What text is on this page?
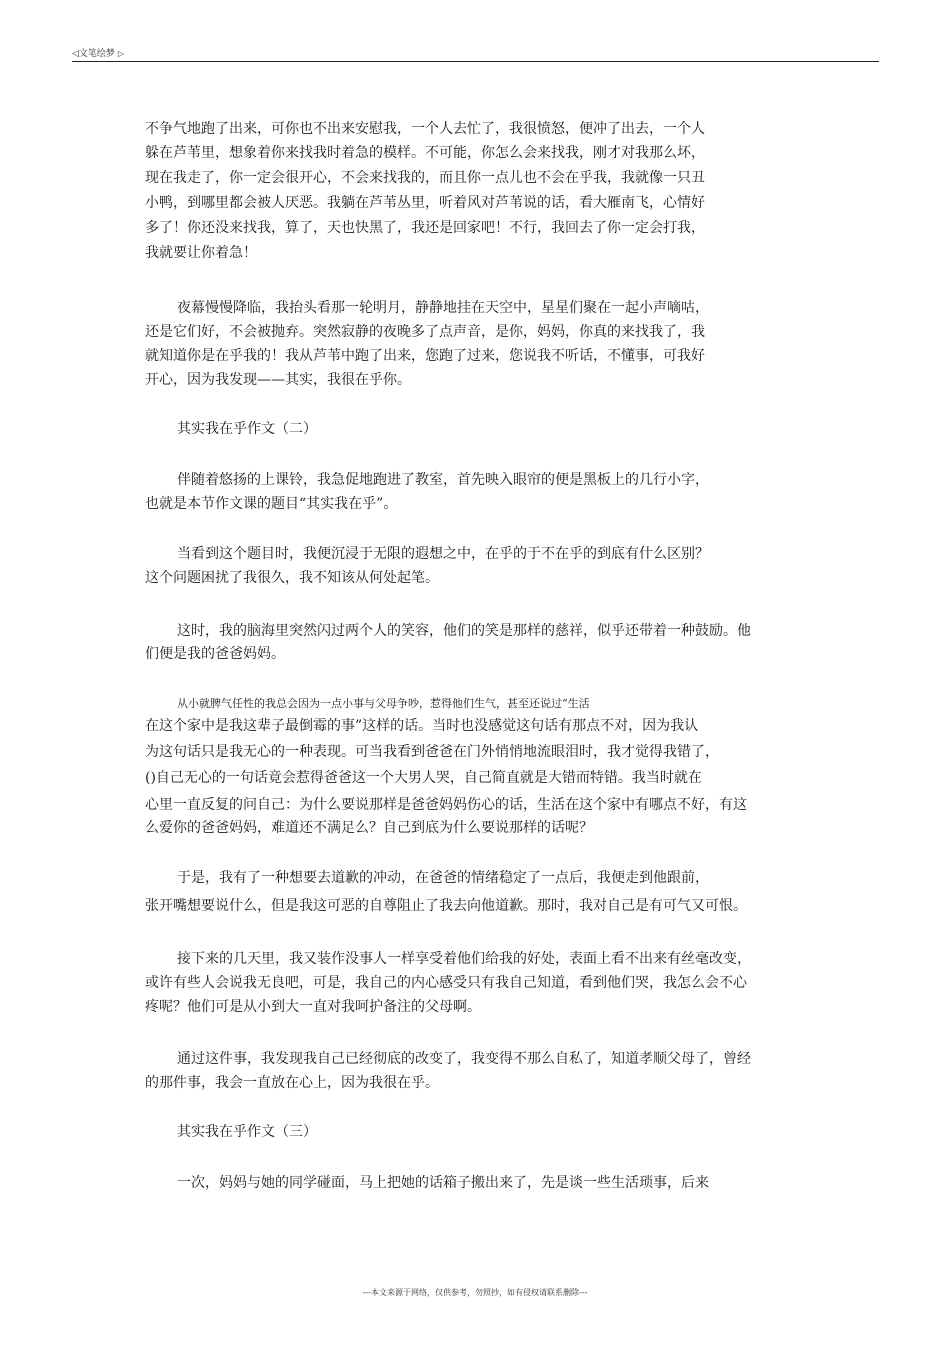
◁文笔绘梦 ▷
不争气地跑了出来，可你也不出来安慰我，一个人去忙了，我很愤怒，便冲了出去，一个人
躲在芦苇里，想象着你来找我时着急的模样。不可能，你怎么会来找我，刚才对我那么坏，
现在我走了，你一定会很开心，不会来找我的，而且你一点儿也不会在乎我，我就像一只丑
小鸭，到哪里都会被人厌恶。我躺在芦苇丛里，听着风对芦苇说的话，看大雁南飞，心情好
多了！你还没来找我，算了，天也快黑了，我还是回家吧！不行，我回去了你一定会打我，
我就要让你着急！
夜幕慢慢降临，我抬头看那一轮明月，静静地挂在天空中，星星们聚在一起小声嘀咕，
还是它们好，不会被抛弃。突然寂静的夜晚多了点声音，是你，妈妈，你真的来找我了，我
就知道你是在乎我的！我从芦苇中跑了出来，您跑了过来，您说我不听话，不懂事，可我好
开心，因为我发现——其实，我很在乎你。
其实我在乎作文（二）
伴随着悠扬的上课铃，我急促地跑进了教室，首先映入眼帘的便是黑板上的几行小字，
也就是本节作文课的题目“其实我在乎”。
当看到这个题目时，我便沉浸于无限的遐想之中，在乎的于不在乎的到底有什么区别？
这个问题困扰了我很久，我不知该从何处起笔。
这时，我的脑海里突然闪过两个人的笑容，他们的笑是那样的慈祥，似乎还带着一种鼓励。他
们便是我的爸爸妈妈。
从小就脾气任性的我总会因为一点小事与父母争吵，惹得他们生气，甚至还说过“生活
在这个家中是我这辈子最倒霉的事”这样的话。当时也没感觉这句话有那点不对，因为我认
为这句话只是我无心的一种表现。可当我看到爸爸在门外悄悄地流眼泪时，我才觉得我错了，
()自己无心的一句话竟会惹得爸爸这一个大男人哭，自己简直就是大错而特错。我当时就在
心里一直反复的问自己：为什么要说那样是爸爸妈妈伤心的话，生活在这个家中有哪点不好，有这
么爱你的爸爸妈妈，难道还不满足么？自己到底为什么要说那样的话呢？
于是，我有了一种想要去道歉的冲动，在爸爸的情绪稳定了一点后，我便走到他跟前，
张开嘴想要说什么，但是我这可恶的自尊阻止了我去向他道歉。那时，我对自己是有可气又可恨。
接下来的几天里，我又装作没事人一样享受着他们给我的好处，表面上看不出来有丝毫改变，
或许有些人会说我无良吧，可是，我自己的内心感受只有我自己知道，看到他们哭，我怎么会不心
疼呢？他们可是从小到大一直对我呵护备注的父母啊。
通过这件事，我发现我自己已经彻底的改变了，我变得不那么自私了，知道孝顺父母了，曾经
的那件事，我会一直放在心上，因为我很在乎。
其实我在乎作文（三）
一次，妈妈与她的同学碰面，马上把她的话箱子搬出来了，先是谈一些生活琐事，后来
---本文来源于网络，仅供参考，勿照抄，如有侵权请联系删除---
